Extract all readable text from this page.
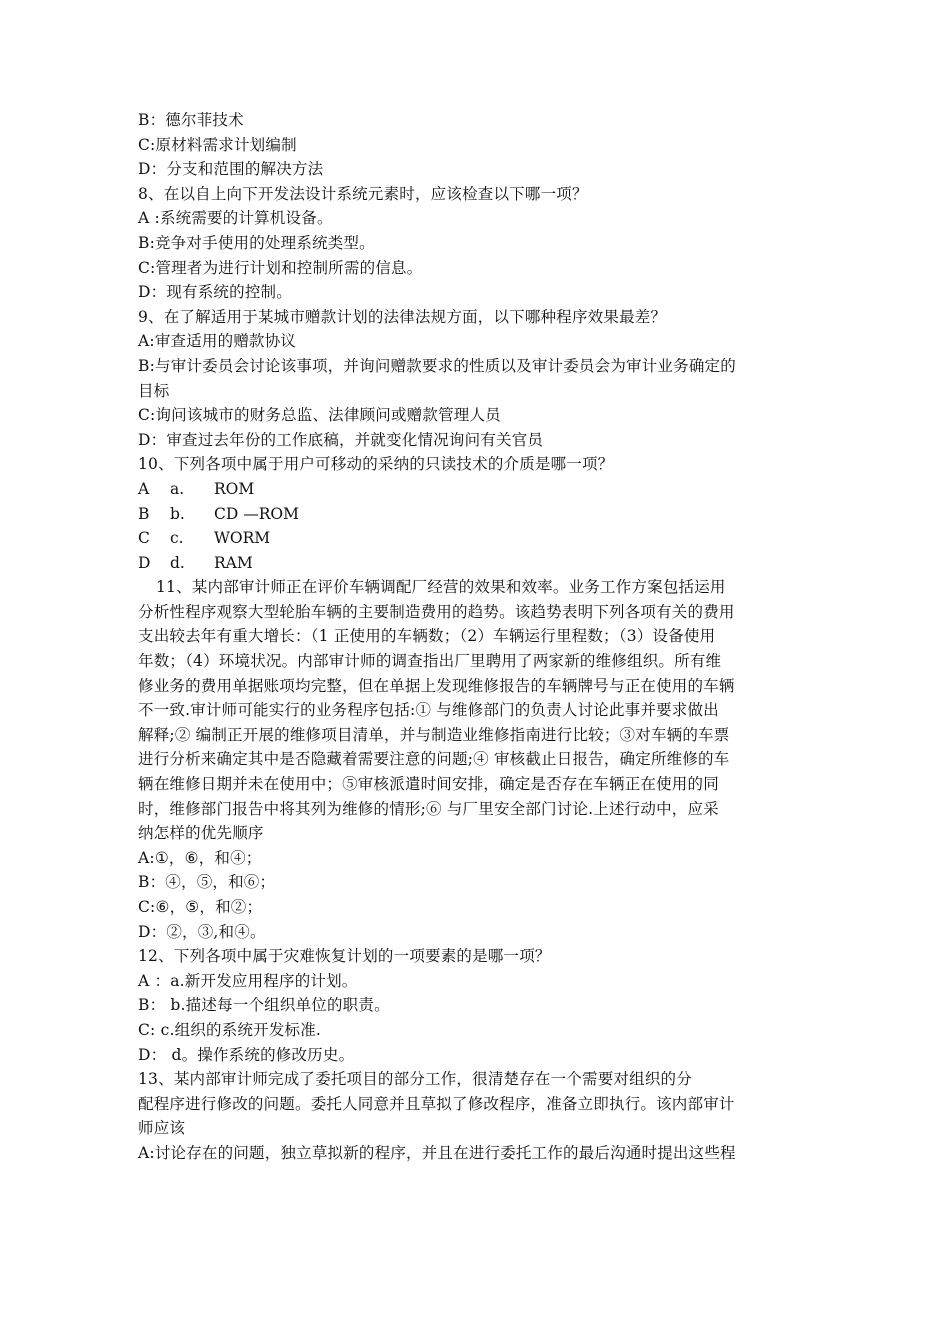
B：德尔菲技术
C:原材料需求计划编制
D：分支和范围的解决方法
8、在以自上向下开发法设计系统元素时，应该检查以下哪一项？
A :系统需要的计算机设备。
B:竞争对手使用的处理系统类型。
C:管理者为进行计划和控制所需的信息。
D：现有系统的控制。
9、在了解适用于某城市赠款计划的法律法规方面，以下哪种程序效果最差？
A:审查适用的赠款协议
B:与审计委员会讨论该事项，并询问赠款要求的性质以及审计委员会为审计业务确定的
目标
C:询问该城市的财务总监、法律顾问或赠款管理人员
D：审查过去年份的工作底稿，并就变化情况询问有关官员
10、下列各项中属于用户可移动的采纳的只读技术的介质是哪一项？
A	a.	ROM
B	b.	CD —ROM
C	c.	WORM
D	d.	RAM
11、某内部审计师正在评价车辆调配厂经营的效果和效率。业务工作方案包括运用
分析性程序观察大型轮胎车辆的主要制造费用的趋势。该趋势表明下列各项有关的费用
支出较去年有重大增长：（1 正使用的车辆数；（2）车辆运行里程数；（3）设备使用
年数；（4）环境状况。内部审计师的调查指出厂里聘用了两家新的维修组织。所有维
修业务的费用单据账项均完整，但在单据上发现维修报告的车辆牌号与正在使用的车辆
不一致.审计师可能实行的业务程序包括:① 与维修部门的负责人讨论此事并要求做出
解释;② 编制正开展的维修项目清单，并与制造业维修指南进行比较；③对车辆的车票
进行分析来确定其中是否隐藏着需要注意的问题;④ 审核截止日报告，确定所维修的车
辆在维修日期并未在使用中；⑤审核派遣时间安排，确定是否存在车辆正在使用的同
时，维修部门报告中将其列为维修的情形;⑥ 与厂里安全部门讨论.上述行动中，应采
纳怎样的优先顺序
A:①，⑥，和④；
B：④，⑤，和⑥；
C:⑥，⑤，和②；
D：②，③,和④。
12、下列各项中属于灾难恢复计划的一项要素的是哪一项？
A ：a.新开发应用程序的计划。
B： b.描述每一个组织单位的职责。
C: c.组织的系统开发标准.
D： d。操作系统的修改历史。
13、某内部审计师完成了委托项目的部分工作，很清楚存在一个需要对组织的分
配程序进行修改的问题。委托人同意并且草拟了修改程序，准备立即执行。该内部审计
师应该
A:讨论存在的问题，独立草拟新的程序，并且在进行委托工作的最后沟通时提出这些程
